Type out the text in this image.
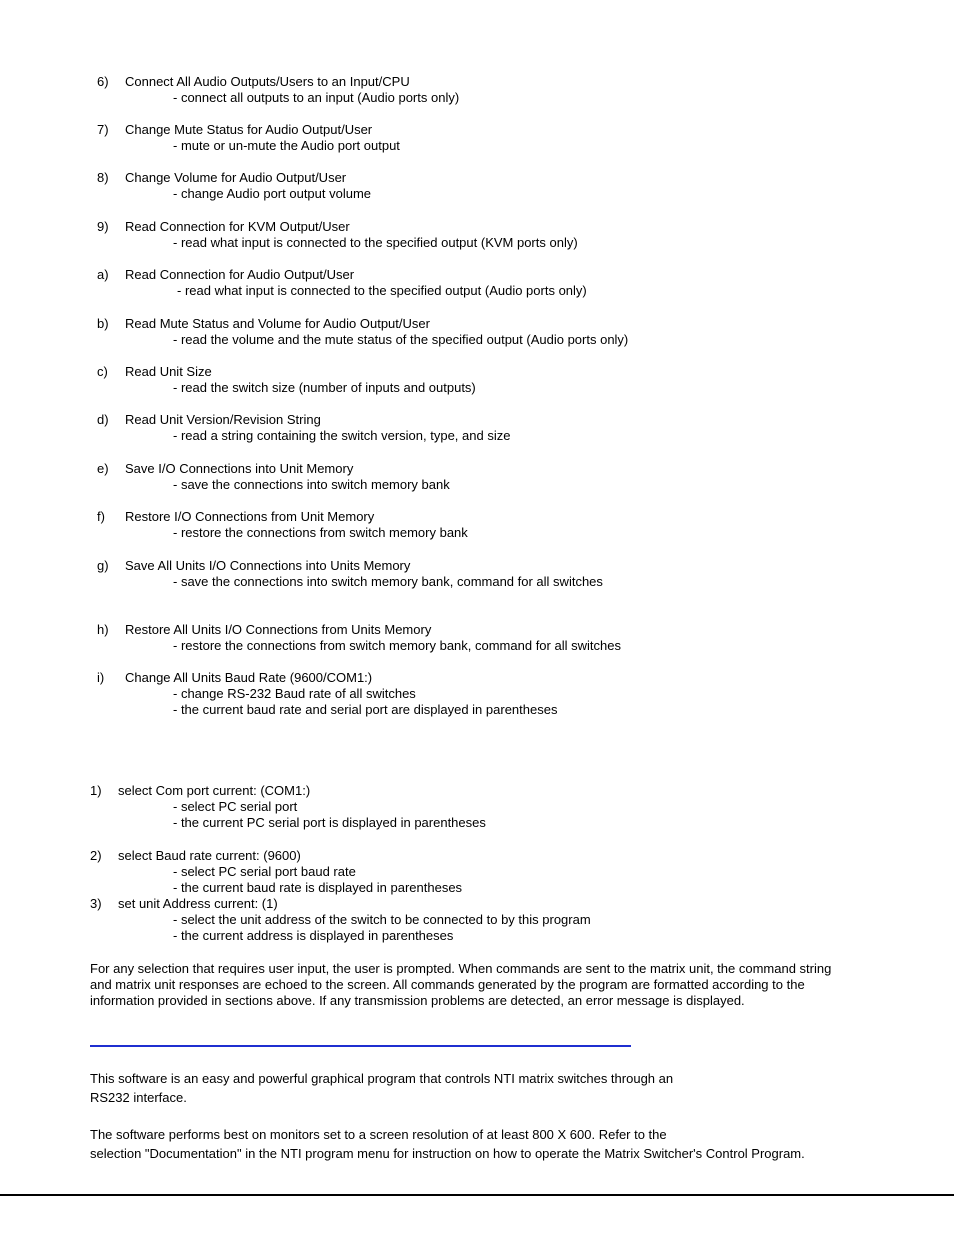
6) Connect All Audio Outputs/Users to an Input/CPU
- connect all outputs to an input (Audio ports only)
7) Change Mute Status for Audio Output/User
- mute or un-mute the Audio port output
8) Change Volume for Audio Output/User
- change Audio port output volume
9) Read Connection for KVM Output/User
- read what input is connected to the specified output (KVM ports only)
a) Read Connection for Audio Output/User
- read what input is connected to the specified output (Audio ports only)
b) Read Mute Status and Volume for Audio Output/User
- read the volume and the mute status of the specified output (Audio ports only)
c) Read Unit Size
- read the switch size (number of inputs and outputs)
d) Read Unit Version/Revision String
- read a string containing the switch version, type, and size
e) Save I/O Connections into Unit Memory
- save the connections into switch memory bank
f) Restore I/O Connections from Unit Memory
- restore the connections from switch memory bank
g) Save All Units I/O Connections into Units Memory
- save the connections into switch memory bank, command for all switches
h) Restore All Units I/O Connections from Units Memory
- restore the connections from switch memory bank, command for all switches
i) Change All Units Baud Rate (9600/COM1:)
- change RS-232 Baud rate of all switches
- the current baud rate and serial port are displayed in parentheses
1) select Com port current: (COM1:)
- select PC serial port
- the current PC serial port is displayed in parentheses
2) select Baud rate current: (9600)
- select PC serial port baud rate
- the current baud rate is displayed in parentheses
3) set unit Address current: (1)
- select the unit address of the switch to be connected to by this program
- the current address is displayed in parentheses
For any selection that requires user input, the user is prompted. When commands are sent to the matrix unit, the command string
and matrix unit responses are echoed to the screen. All commands generated by the program are formatted according to the
information provided in sections above. If any transmission problems are detected, an error message is displayed.
This software is an easy and powerful graphical program that controls NTI matrix switches through an
RS232 interface.
The software performs best on monitors set to a screen resolution of at least 800 X 600. Refer to the
selection "Documentation" in the NTI program menu for instruction on how to operate the Matrix Switcher's Control Program.
